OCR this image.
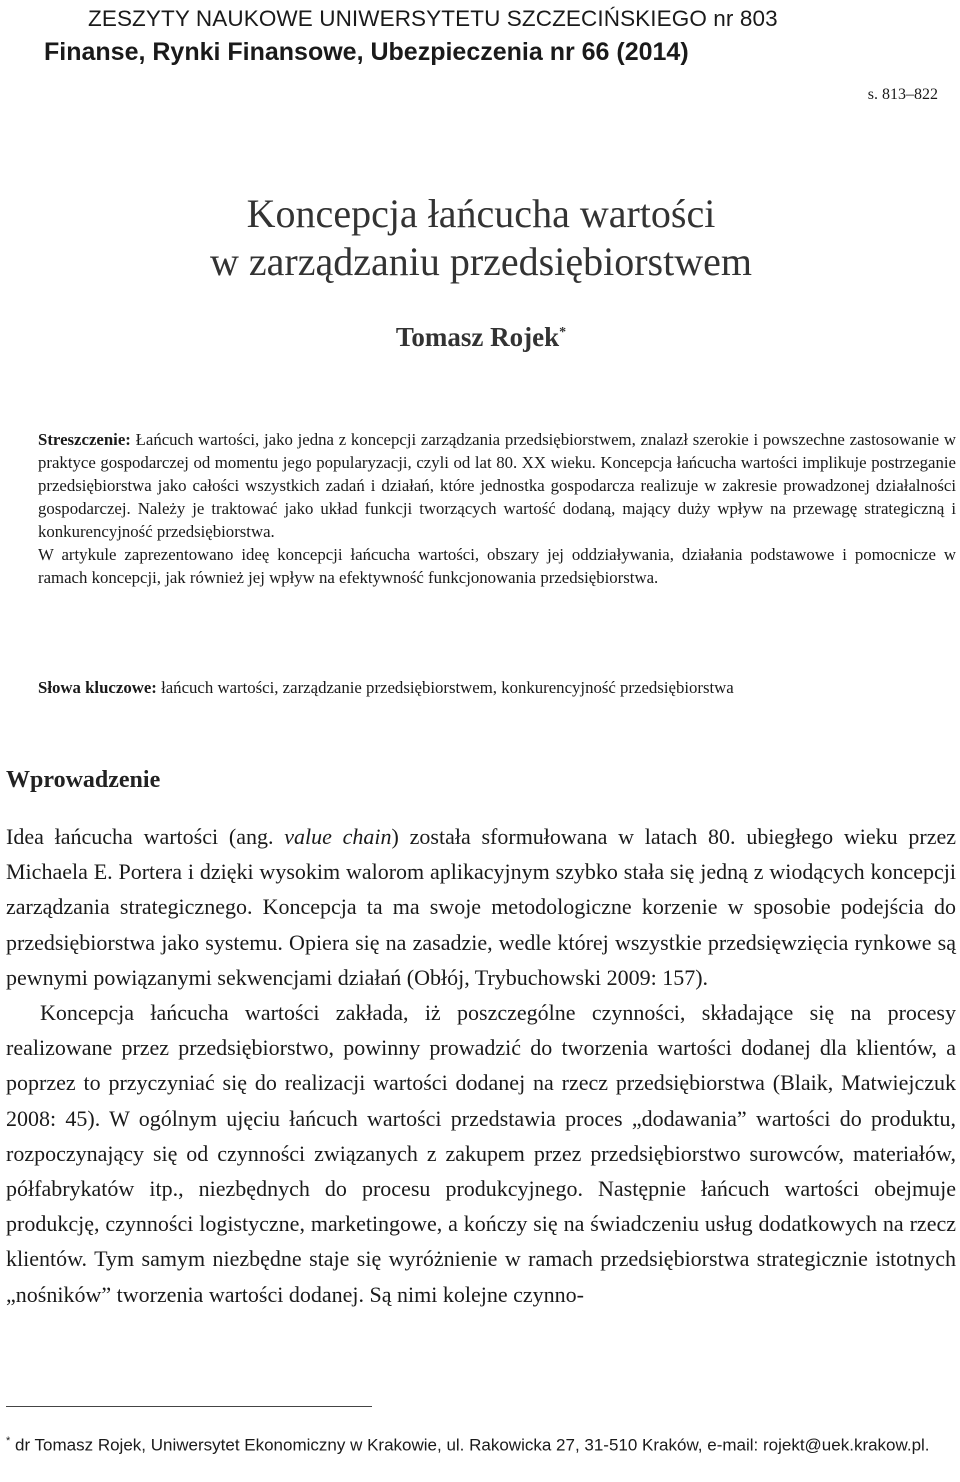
ZESZYTY NAUKOWE UNIWERSYTETU SZCZECIŃSKIEGO nr 803
Finanse, Rynki Finansowe, Ubezpieczenia nr 66 (2014)
s. 813–822
Koncepcja łańcucha wartości
w zarządzaniu przedsiębiorstwem
Tomasz Rojek*

Streszczenie: Łańcuch wartości, jako jedna z koncepcji zarządzania przedsiębiorstwem, znalazł szerokie i powszechne zastosowanie w praktyce gospodarczej od momentu jego popularyzacji, czyli od lat 80. XX wieku. Koncepcja łańcucha wartości implikuje postrzeganie przedsiębiorstwa jako całości wszystkich zadań i działań, które jednostka gospodarcza realizuje w zakresie prowadzonej działalności gospodarczej. Należy je traktować jako układ funkcji tworzących wartość dodaną, mający duży wpływ na przewagę strategiczną i konkurencyjność przedsiębiorstwa.

W artykule zaprezentowano ideę koncepcji łańcucha wartości, obszary jej oddziaływania, działania podstawowe i pomocnicze w ramach koncepcji, jak również jej wpływ na efektywność funkcjonowania przedsiębiorstwa.

Słowa kluczowe: łańcuch wartości, zarządzanie przedsiębiorstwem, konkurencyjność przedsiębiorstwa
Wprowadzenie

Idea łańcucha wartości (ang. value chain) została sformułowana w latach 80. ubiegłego wieku przez Michaela E. Portera i dzięki wysokim walorom aplikacyjnym szybko stała się jedną z wiodących koncepcji zarządzania strategicznego. Koncepcja ta ma swoje metodologiczne korzenie w sposobie podejścia do przedsiębiorstwa jako systemu. Opiera się na zasadzie, wedle której wszystkie przedsięwzięcia rynkowe są pewnymi powiązanymi sekwencjami działań (Obłój, Trybuchowski 2009: 157).

Koncepcja łańcucha wartości zakłada, iż poszczególne czynności, składające się na procesy realizowane przez przedsiębiorstwo, powinny prowadzić do tworzenia wartości dodanej dla klientów, a poprzez to przyczyniać się do realizacji wartości dodanej na rzecz przedsiębiorstwa (Blaik, Matwiejczuk 2008: 45). W ogólnym ujęciu łańcuch wartości przedstawia proces „dodawania” wartości do produktu, rozpoczynający się od czynności związanych z zakupem przez przedsiębiorstwo surowców, materiałów, półfabrykatów itp., niezbędnych do procesu produkcyjnego. Następnie łańcuch wartości obejmuje produkcję, czynności logistyczne, marketingowe, a kończy się na świadczeniu usług dodatkowych na rzecz klientów. Tym samym niezbędne staje się wyróżnienie w ramach przedsiębiorstwa strategicznie istotnych „nośników” tworzenia wartości dodanej. Są nimi kolejne czynno-

* dr Tomasz Rojek, Uniwersytet Ekonomiczny w Krakowie, ul. Rakowicka 27, 31-510 Kraków, e-mail: rojekt@uek.krakow.pl.
